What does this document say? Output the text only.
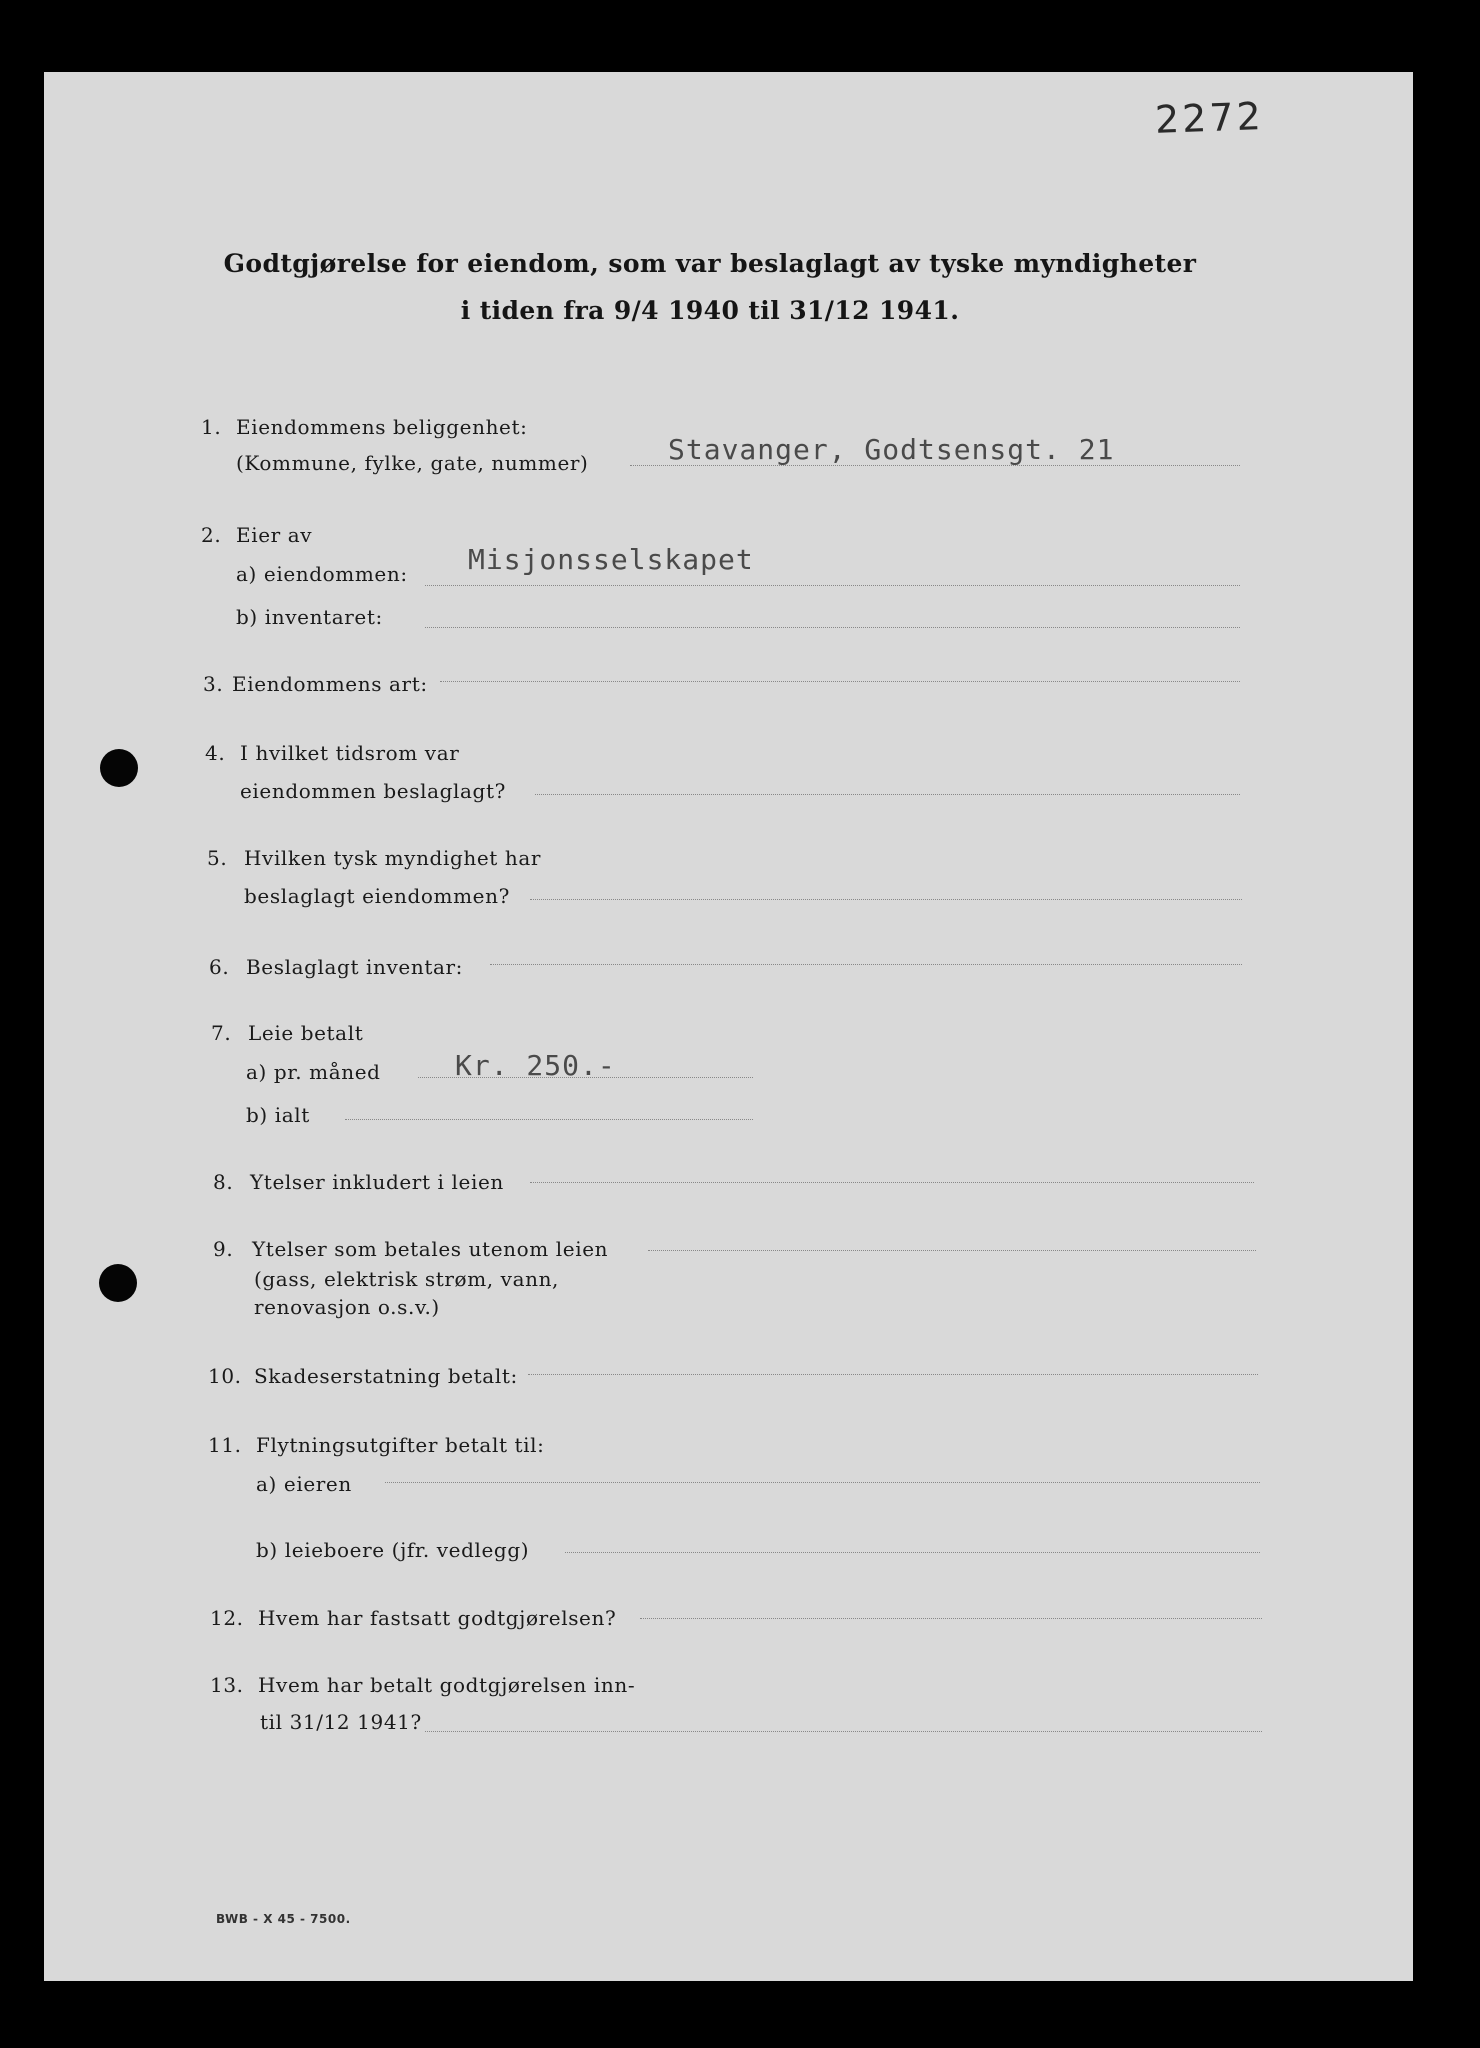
2272
Godtgjørelse for eiendom, som var beslaglagt av tyske myndigheter
i tiden fra 9/4 1940 til 31/12 1941.
1. Eiendommens beliggenhet:
(Kommune, fylke, gate, nummer)	Stavanger, Godtsensgt. 21
2. Eier av
a) eiendommen: Misjonsselskapet
b) inventaret:
3. Eiendommens art:
4. I hvilket tidsrom var
eiendommen beslaglagt?
5. Hvilken tysk myndighet har
beslaglagt eiendommen?
6. Beslaglagt inventar:
7. Leie betalt
a) pr. måned	Kr. 250.-
b) ialt
8. Ytelser inkludert i leien
9. Ytelser som betales utenom leien
(gass, elektrisk strøm, vann,
renovasjon o.s.v.)
10. Skadeserstatning betalt:
11. Flytningsutgifter betalt til:
a) eieren
b) leieboere (jfr. vedlegg)
12. Hvem har fastsatt godtgjørelsen?
13. Hvem har betalt godtgjørelsen inn-
til 31/12 1941?
BWB - X 45 - 7500.
